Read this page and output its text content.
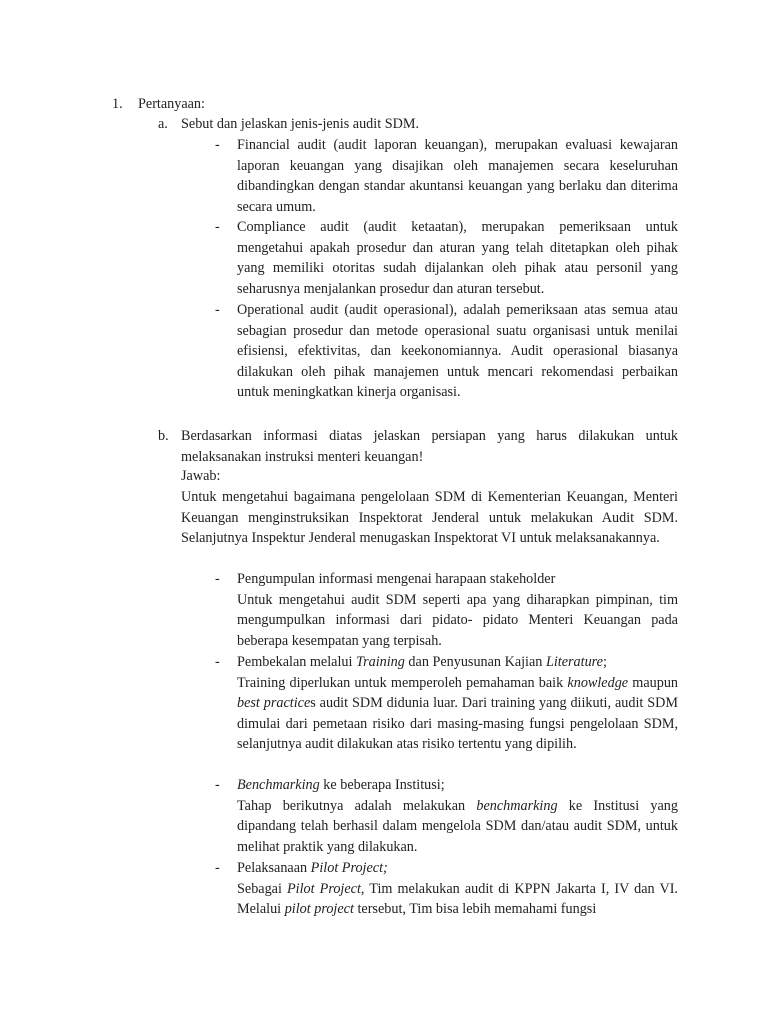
1. Pertanyaan:
a. Sebut dan jelaskan jenis-jenis audit SDM.
-	Financial audit (audit laporan keuangan), merupakan evaluasi kewajaran laporan keuangan yang disajikan oleh manajemen secara keseluruhan dibandingkan dengan standar akuntansi keuangan yang berlaku dan diterima secara umum.
-	Compliance audit (audit ketaatan), merupakan pemeriksaan untuk mengetahui apakah prosedur dan aturan yang telah ditetapkan oleh pihak yang memiliki otoritas sudah dijalankan oleh pihak atau personil yang seharusnya menjalankan prosedur dan aturan tersebut.
-	Operational audit (audit operasional), adalah pemeriksaan atas semua atau sebagian prosedur dan metode operasional suatu organisasi untuk menilai efisiensi, efektivitas, dan keekonomiannya. Audit operasional biasanya dilakukan oleh pihak manajemen untuk mencari rekomendasi perbaikan untuk meningkatkan kinerja organisasi.
b. Berdasarkan informasi diatas jelaskan persiapan yang harus dilakukan untuk melaksanakan instruksi menteri keuangan!
Jawab:
Untuk mengetahui bagaimana pengelolaan SDM di Kementerian Keuangan, Menteri Keuangan menginstruksikan Inspektorat Jenderal untuk melakukan Audit SDM. Selanjutnya Inspektur Jenderal menugaskan Inspektorat VI untuk melaksanakannya.
-	Pengumpulan informasi mengenai harapaan stakeholder
Untuk mengetahui audit SDM seperti apa yang diharapkan pimpinan, tim mengumpulkan informasi dari pidato- pidato Menteri Keuangan pada beberapa kesempatan yang terpisah.
-	Pembekalan melalui Training dan Penyusunan Kajian Literature;
Training diperlukan untuk memperoleh pemahaman baik knowledge maupun best practices audit SDM didunia luar. Dari training yang diikuti, audit SDM dimulai dari pemetaan risiko dari masing-masing fungsi pengelolaan SDM, selanjutnya audit dilakukan atas risiko tertentu yang dipilih.
-	Benchmarking ke beberapa Institusi;
Tahap berikutnya adalah melakukan benchmarking ke Institusi yang dipandang telah berhasil dalam mengelola SDM dan/atau audit SDM, untuk melihat praktik yang dilakukan.
-	Pelaksanaan Pilot Project;
Sebagai Pilot Project, Tim melakukan audit di KPPN Jakarta I, IV dan VI. Melalui pilot project tersebut, Tim bisa lebih memahami fungsi
